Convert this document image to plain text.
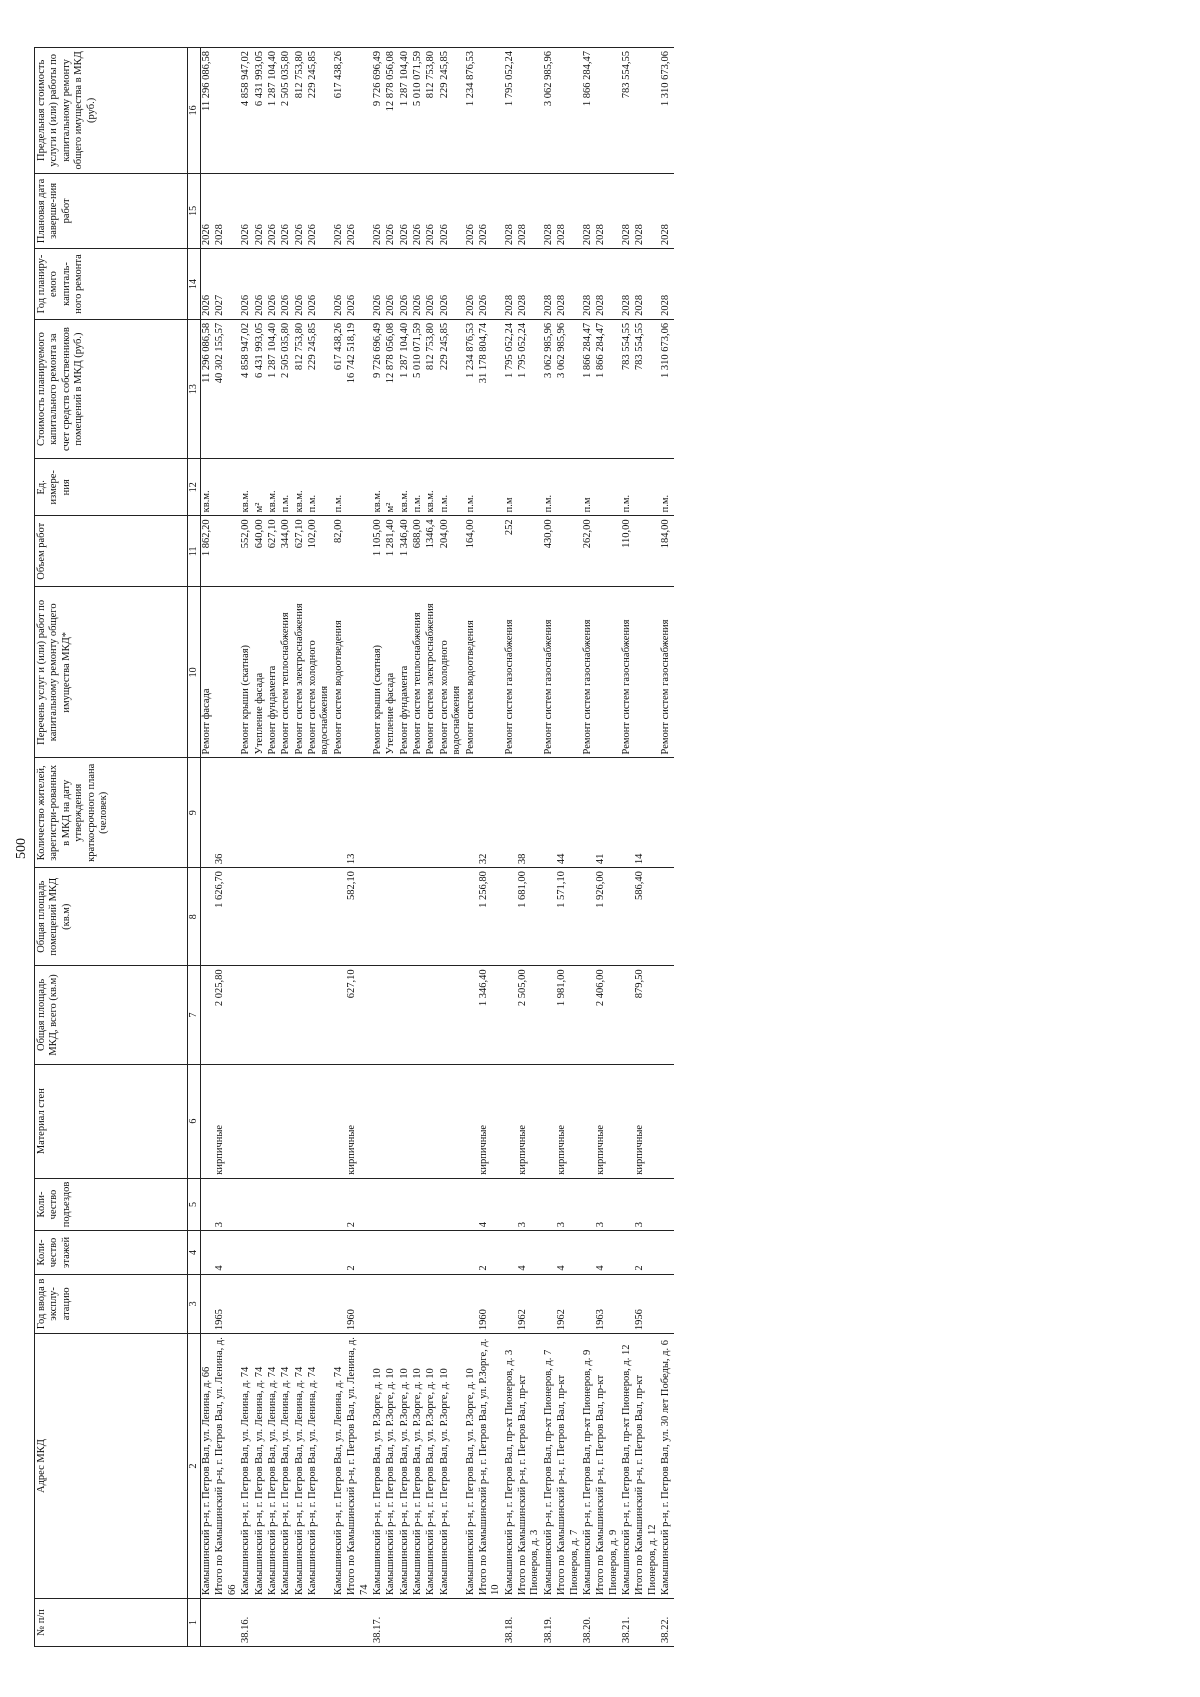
500
№ п/п	Адрес МКД	Год ввода в эксплу-атацию	Коли-чество этажей	Коли-чество подъездов	Материал стен	Общая площадь МКД, всего (кв.м)	Общая площадь помещений МКД (кв.м)	Количество жителей, зарегистри-рованных в МКД на дату утверждения краткосрочного плана (человек)	Перечень услуг и (или) работ по капитальному ремонту общего имущества МКД*	Объем работ	Ед. измере-ния	Стоимость планируемого капитального ремонта за счет средств собственников помещений в МКД (руб.)	Год планиру-емого капиталь-ного ремонта	Плановая дата заверше-ния работ	Предельная стоимость услуги и (или) работы по капитальному ремонту общего имущества в МКД (руб.)
1	2	3	4	5	6	7	8	9	10	11	12	13	14	15	16
	Камышинский р-н, г. Петров Вал, ул. Ленина, д. 66								Ремонт фасада	1 862,20	кв.м.	11 296 086,58	2026	2026	11 296 086,58
	Итого по Камышинский р-н, г. Петров Вал, ул. Ленина, д. 66	1965	4	3	кирпичные	2 025,80	1 626,70	36				40 302 155,57	2027	2028	
38.16.	Камышинский р-н, г. Петров Вал, ул. Ленина, д. 74								Ремонт крыши (скатная)	552,00	кв.м.	4 858 947,02	2026	2026	4 858 947,02
	Камышинский р-н, г. Петров Вал, ул. Ленина, д. 74								Утепление фасада	640,00	м²	6 431 993,05	2026	2026	6 431 993,05
	Камышинский р-н, г. Петров Вал, ул. Ленина, д. 74								Ремонт фундамента	627,10	кв.м.	1 287 104,40	2026	2026	1 287 104,40
	Камышинский р-н, г. Петров Вал, ул. Ленина, д. 74								Ремонт систем теплоснабжения	344,00	п.м.	2 505 035,80	2026	2026	2 505 035,80
	Камышинский р-н, г. Петров Вал, ул. Ленина, д. 74								Ремонт систем электроснабжения	627,10	кв.м.	812 753,80	2026	2026	812 753,80
	Камышинский р-н, г. Петров Вал, ул. Ленина, д. 74								Ремонт систем холодного водоснабжения	102,00	п.м.	229 245,85	2026	2026	229 245,85
	Камышинский р-н, г. Петров Вал, ул. Ленина, д. 74								Ремонт систем водоотведения	82,00	п.м.	617 438,26	2026	2026	617 438,26
	Итого по Камышинский р-н, г. Петров Вал, ул. Ленина, д. 74	1960	2	2	кирпичные	627,10	582,10	13				16 742 518,19	2026	2026	
38.17.	Камышинский р-н, г. Петров Вал, ул. Р.Зорге, д. 10								Ремонт крыши (скатная)	1 105,00	кв.м.	9 726 696,49	2026	2026	9 726 696,49
	Камышинский р-н, г. Петров Вал, ул. Р.Зорге, д. 10								Утепление фасада	1 281,40	м²	12 878 056,08	2026	2026	12 878 056,08
	Камышинский р-н, г. Петров Вал, ул. Р.Зорге, д. 10								Ремонт фундамента	1 346,40	кв.м.	1 287 104,40	2026	2026	1 287 104,40
	Камышинский р-н, г. Петров Вал, ул. Р.Зорге, д. 10								Ремонт систем теплоснабжения	688,00	п.м.	5 010 071,59	2026	2026	5 010 071,59
	Камышинский р-н, г. Петров Вал, ул. Р.Зорге, д. 10								Ремонт систем электроснабжения	1346,4	кв.м.	812 753,80	2026	2026	812 753,80
	Камышинский р-н, г. Петров Вал, ул. Р.Зорге, д. 10								Ремонт систем холодного водоснабжения	204,00	п.м.	229 245,85	2026	2026	229 245,85
	Камышинский р-н, г. Петров Вал, ул. Р.Зорге, д. 10								Ремонт систем водоотведения	164,00	п.м.	1 234 876,53	2026	2026	1 234 876,53
	Итого по Камышинский р-н, г. Петров Вал, ул. Р.Зорге, д. 10	1960	2	4	кирпичные	1 346,40	1 256,80	32				31 178 804,74	2026	2026	
38.18.	Камышинский р-н, г. Петров Вал, пр-кт Пионеров, д. 3								Ремонт систем газоснабжения	252	п.м	1 795 052,24	2028	2028	1 795 052,24
	Итого по Камышинский р-н, г. Петров Вал, пр-кт Пионеров, д. 3	1962	4	3	кирпичные	2 505,00	1 681,00	38				1 795 052,24	2028	2028	
38.19.	Камышинский р-н, г. Петров Вал, пр-кт Пионеров, д. 7								Ремонт систем газоснабжения	430,00	п.м.	3 062 985,96	2028	2028	3 062 985,96
	Итого по Камышинский р-н, г. Петров Вал, пр-кт Пионеров, д. 7	1962	4	3	кирпичные	1 981,00	1 571,10	44				3 062 985,96	2028	2028	
38.20.	Камышинский р-н, г. Петров Вал, пр-кт Пионеров, д. 9								Ремонт систем газоснабжения	262,00	п.м	1 866 284,47	2028	2028	1 866 284,47
	Итого по Камышинский р-н, г. Петров Вал, пр-кт Пионеров, д. 9	1963	4	3	кирпичные	2 406,00	1 926,00	41				1 866 284,47	2028	2028	
38.21.	Камышинский р-н, г. Петров Вал, пр-кт Пионеров, д. 12								Ремонт систем газоснабжения	110,00	п.м.	783 554,55	2028	2028	783 554,55
	Итого по Камышинский р-н, г. Петров Вал, пр-кт Пионеров, д. 12	1956	2	3	кирпичные	879,50	586,40	14				783 554,55	2028	2028	
38.22.	Камышинский р-н, г. Петров Вал, ул. 30 лет Победы, д. 6								Ремонт систем газоснабжения	184,00	п.м.	1 310 673,06	2028	2028	1 310 673,06
